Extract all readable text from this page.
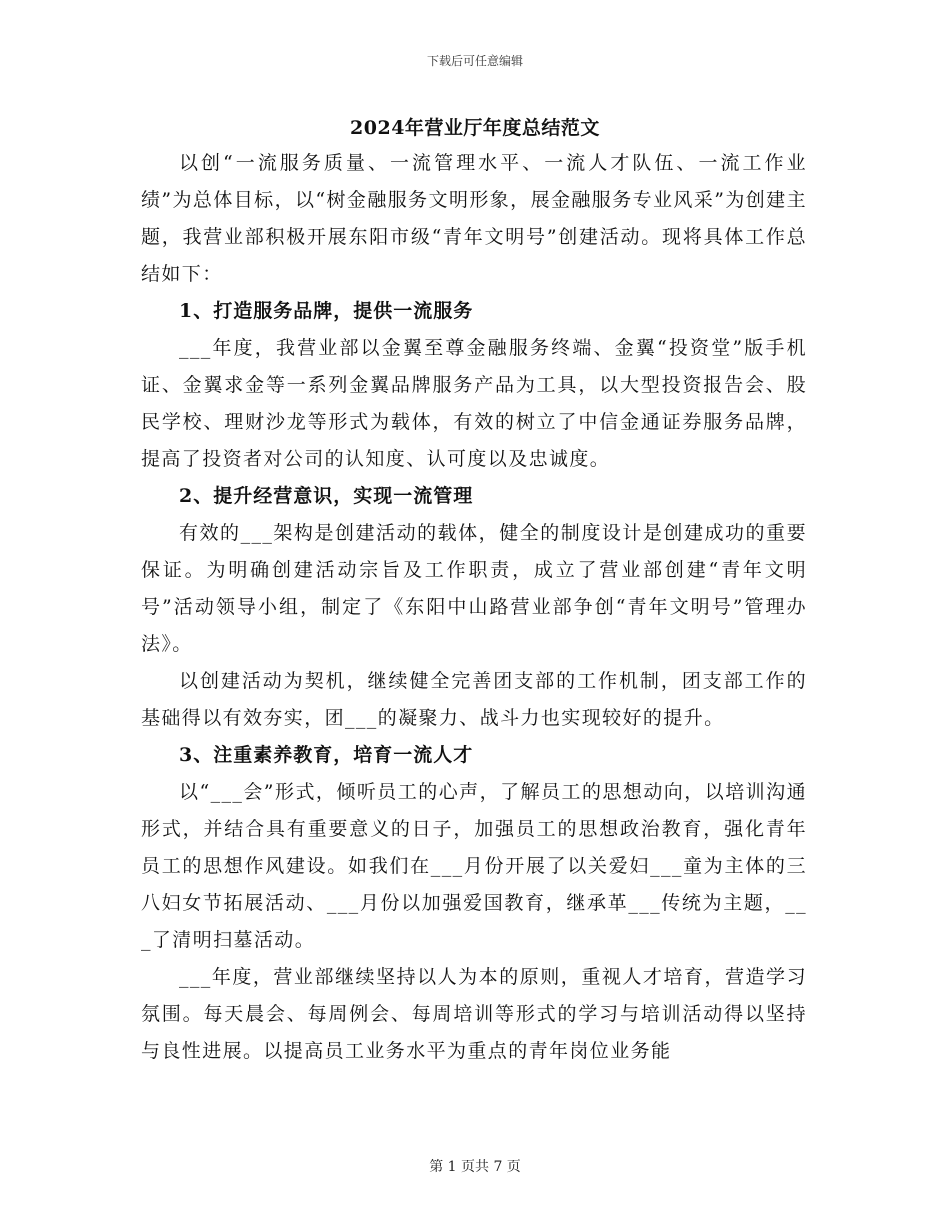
下载后可任意编辑
2024年营业厅年度总结范文

以创“一流服务质量、一流管理水平、一流人才队伍、一流工作业绩”为总体目标，以“树金融服务文明形象，展金融服务专业风采”为创建主题，我营业部积极开展东阳市级“青年文明号”创建活动。现将具体工作总结如下：

1、打造服务品牌，提供一流服务

___年度，我营业部以金翼至尊金融服务终端、金翼“投资堂”版手机证、金翼求金等一系列金翼品牌服务产品为工具，以大型投资报告会、股民学校、理财沙龙等形式为载体，有效的树立了中信金通证券服务品牌，提高了投资者对公司的认知度、认可度以及忠诚度。

2、提升经营意识，实现一流管理

有效的___架构是创建活动的载体，健全的制度设计是创建成功的重要保证。为明确创建活动宗旨及工作职责，成立了营业部创建“青年文明号”活动领导小组，制定了《东阳中山路营业部争创“青年文明号”管理办法》。

以创建活动为契机，继续健全完善团支部的工作机制，团支部工作的基础得以有效夯实，团___的凝聚力、战斗力也实现较好的提升。

3、注重素养教育，培育一流人才

以“___会”形式，倾听员工的心声，了解员工的思想动向，以培训沟通形式，并结合具有重要意义的日子，加强员工的思想政治教育，强化青年员工的思想作风建设。如我们在___月份开展了以关爱妇___童为主体的三八妇女节拓展活动、___月份以加强爱国教育，继承革___传统为主题，___了清明扫墓活动。

___年度，营业部继续坚持以人为本的原则，重视人才培育，营造学习氛围。每天晨会、每周例会、每周培训等形式的学习与培训活动得以坚持与良性进展。以提高员工业务水平为重点的青年岗位业务能

第 1 页共 7 页
